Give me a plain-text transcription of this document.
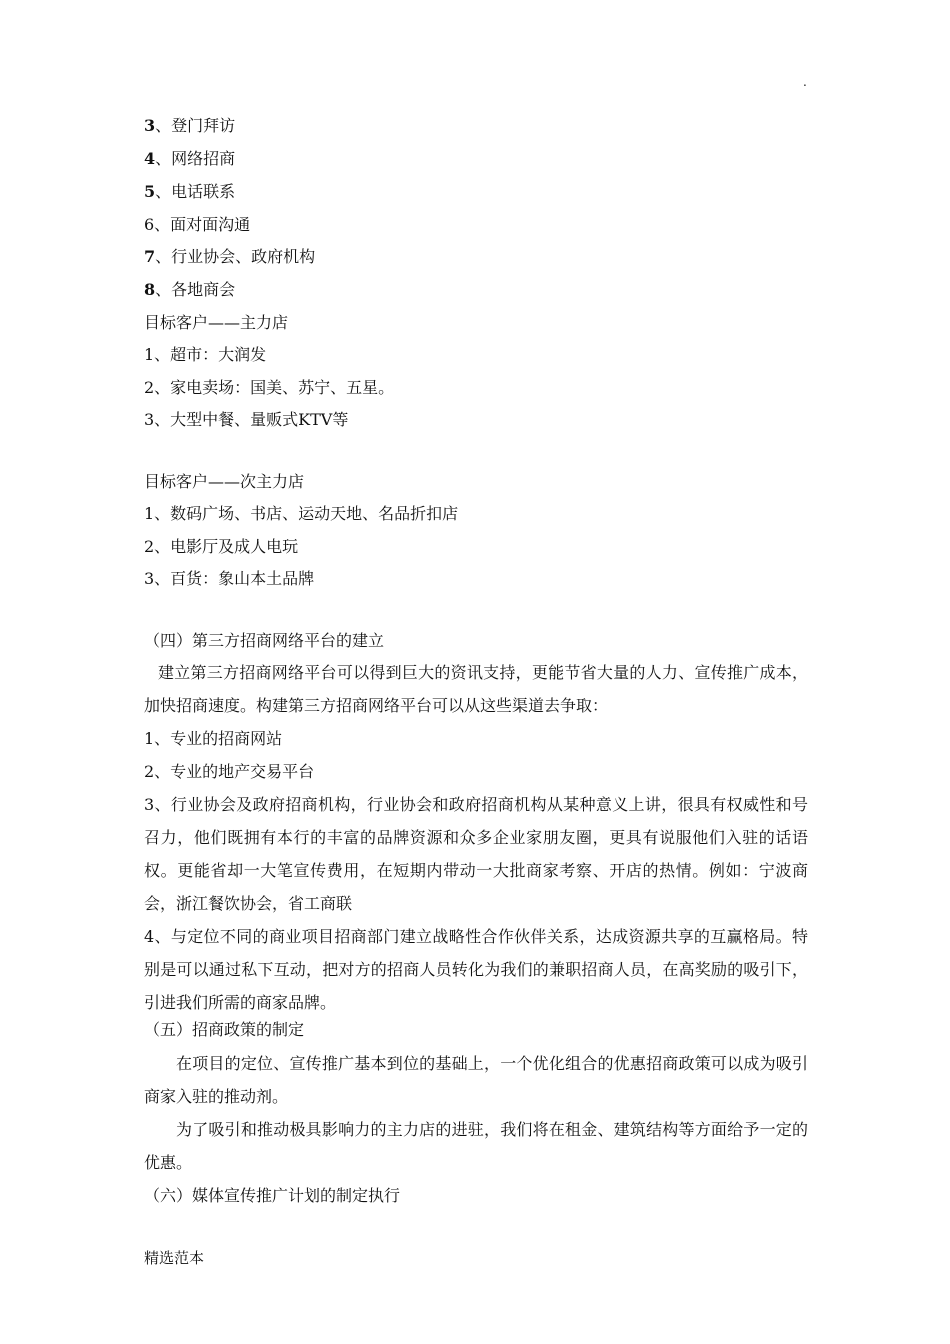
.
3、登门拜访
4、网络招商
5、电话联系
6、面对面沟通
7、行业协会、政府机构
8、各地商会
目标客户——主力店
1、超市：大润发
2、家电卖场：国美、苏宁、五星。
3、大型中餐、量贩式KTV等
目标客户——次主力店
1、数码广场、书店、运动天地、名品折扣店
2、电影厅及成人电玩
3、百货：象山本土品牌
（四）第三方招商网络平台的建立

建立第三方招商网络平台可以得到巨大的资讯支持，更能节省大量的人力、宣传推广成本，加快招商速度。构建第三方招商网络平台可以从这些渠道去争取：

1、专业的招商网站

2、专业的地产交易平台

3、行业协会及政府招商机构，行业协会和政府招商机构从某种意义上讲，很具有权威性和号召力，他们既拥有本行的丰富的品牌资源和众多企业家朋友圈，更具有说服他们入驻的话语权。更能省却一大笔宣传费用，在短期内带动一大批商家考察、开店的热情。例如：宁波商会，浙江餐饮协会，省工商联

4、与定位不同的商业项目招商部门建立战略性合作伙伴关系，达成资源共享的互赢格局。特别是可以通过私下互动，把对方的招商人员转化为我们的兼职招商人员，在高奖励的吸引下，引进我们所需的商家品牌。

（五）招商政策的制定

在项目的定位、宣传推广基本到位的基础上，一个优化组合的优惠招商政策可以成为吸引商家入驻的推动剂。

为了吸引和推动极具影响力的主力店的进驻，我们将在租金、建筑结构等方面给予一定的优惠。

（六）媒体宣传推广计划的制定执行
精选范本
